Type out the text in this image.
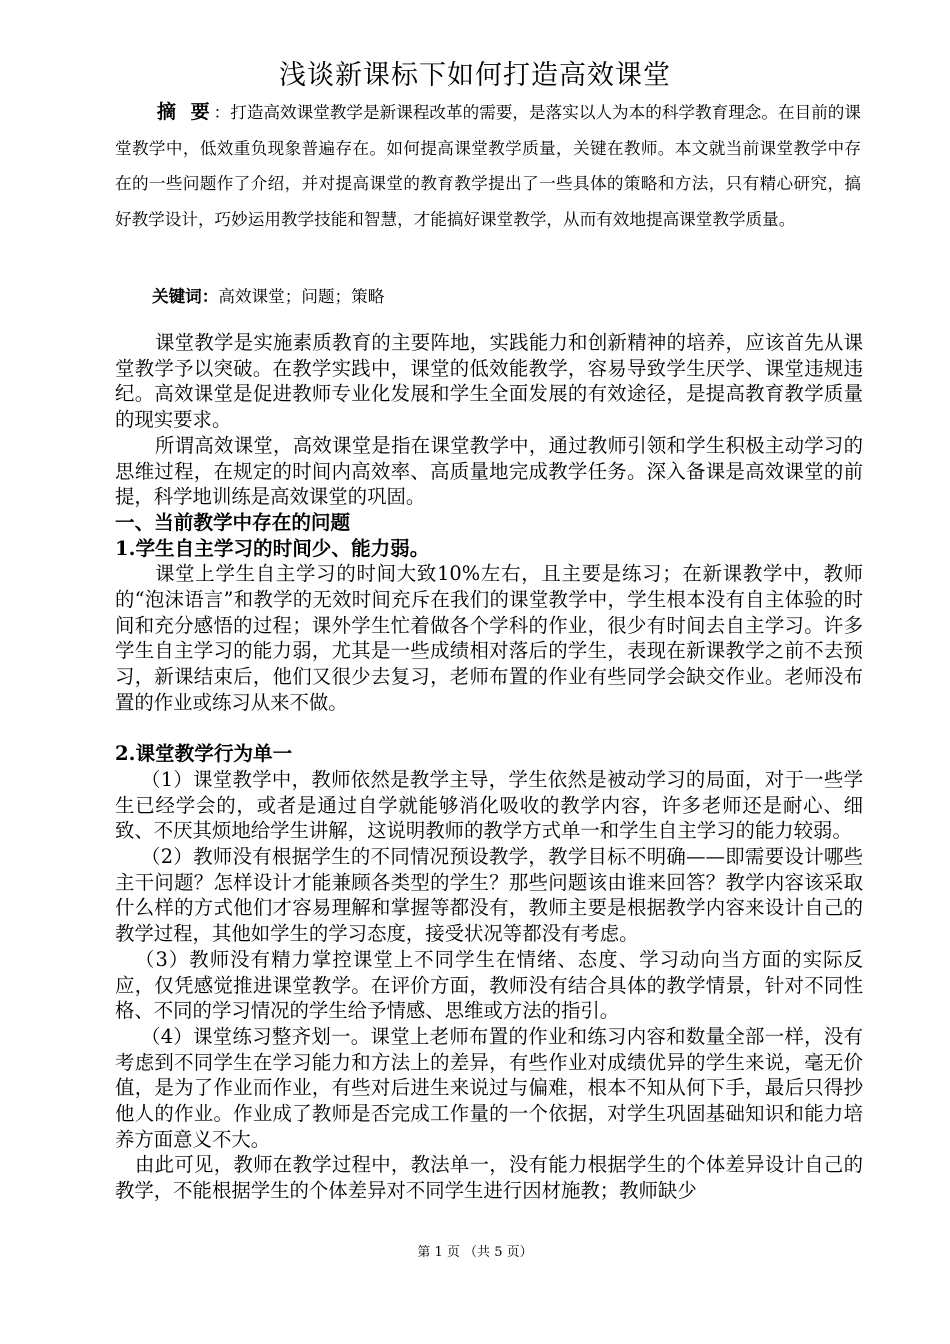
浅谈新课标下如何打造高效课堂
摘 要：打造高效课堂教学是新课程改革的需要，是落实以人为本的科学教育理念。在目前的课堂教学中，低效重负现象普遍存在。如何提高课堂教学质量，关键在教师。本文就当前课堂教学中存在的一些问题作了介绍，并对提高课堂的教育教学提出了一些具体的策略和方法，只有精心研究，搞好教学设计，巧妙运用教学技能和智慧，才能搞好课堂教学，从而有效地提高课堂教学质量。
关键词：高效课堂；问题；策略

课堂教学是实施素质教育的主要阵地，实践能力和创新精神的培养，应该首先从课堂教学予以突破。在教学实践中，课堂的低效能教学，容易导致学生厌学、课堂违规违纪。高效课堂是促进教师专业化发展和学生全面发展的有效途径，是提高教育教学质量的现实要求。

所谓高效课堂，高效课堂是指在课堂教学中，通过教师引领和学生积极主动学习的思维过程，在规定的时间内高效率、高质量地完成教学任务。深入备课是高效课堂的前提，科学地训练是高效课堂的巩固。

一、当前教学中存在的问题
1.学生自主学习的时间少、能力弱。

课堂上学生自主学习的时间大致10%左右，且主要是练习；在新课教学中，教师的“泡沫语言”和教学的无效时间充斥在我们的课堂教学中，学生根本没有自主体验的时间和充分感悟的过程；课外学生忙着做各个学科的作业，很少有时间去自主学习。许多学生自主学习的能力弱，尤其是一些成绩相对落后的学生，表现在新课教学之前不去预习，新课结束后，他们又很少去复习，老师布置的作业有些同学会缺交作业。老师没布置的作业或练习从来不做。

2.课堂教学行为单一

（1）课堂教学中，教师依然是教学主导，学生依然是被动学习的局面，对于一些学生已经学会的，或者是通过自学就能够消化吸收的教学内容，许多老师还是耐心、细致、不厌其烦地给学生讲解，这说明教师的教学方式单一和学生自主学习的能力较弱。

（2）教师没有根据学生的不同情况预设教学，教学目标不明确——即需要设计哪些主干问题？怎样设计才能兼顾各类型的学生？那些问题该由谁来回答？教学内容该采取什么样的方式他们才容易理解和掌握等都没有，教师主要是根据教学内容来设计自己的教学过程，其他如学生的学习态度，接受状况等都没有考虑。

（3）教师没有精力掌控课堂上不同学生在情绪、态度、学习动向当方面的实际反应，仅凭感觉推进课堂教学。在评价方面，教师没有结合具体的教学情景，针对不同性格、不同的学习情况的学生给予情感、思维或方法的指引。

（4）课堂练习整齐划一。课堂上老师布置的作业和练习内容和数量全部一样，没有考虑到不同学生在学习能力和方法上的差异，有些作业对成绩优异的学生来说，毫无价值，是为了作业而作业，有些对后进生来说过与偏难，根本不知从何下手，最后只得抄他人的作业。作业成了教师是否完成工作量的一个依据，对学生巩固基础知识和能力培养方面意义不大。

由此可见，教师在教学过程中，教法单一，没有能力根据学生的个体差异设计自己的教学，不能根据学生的个体差异对不同学生进行因材施教；教师缺少

第 1 页 （共 5 页）
